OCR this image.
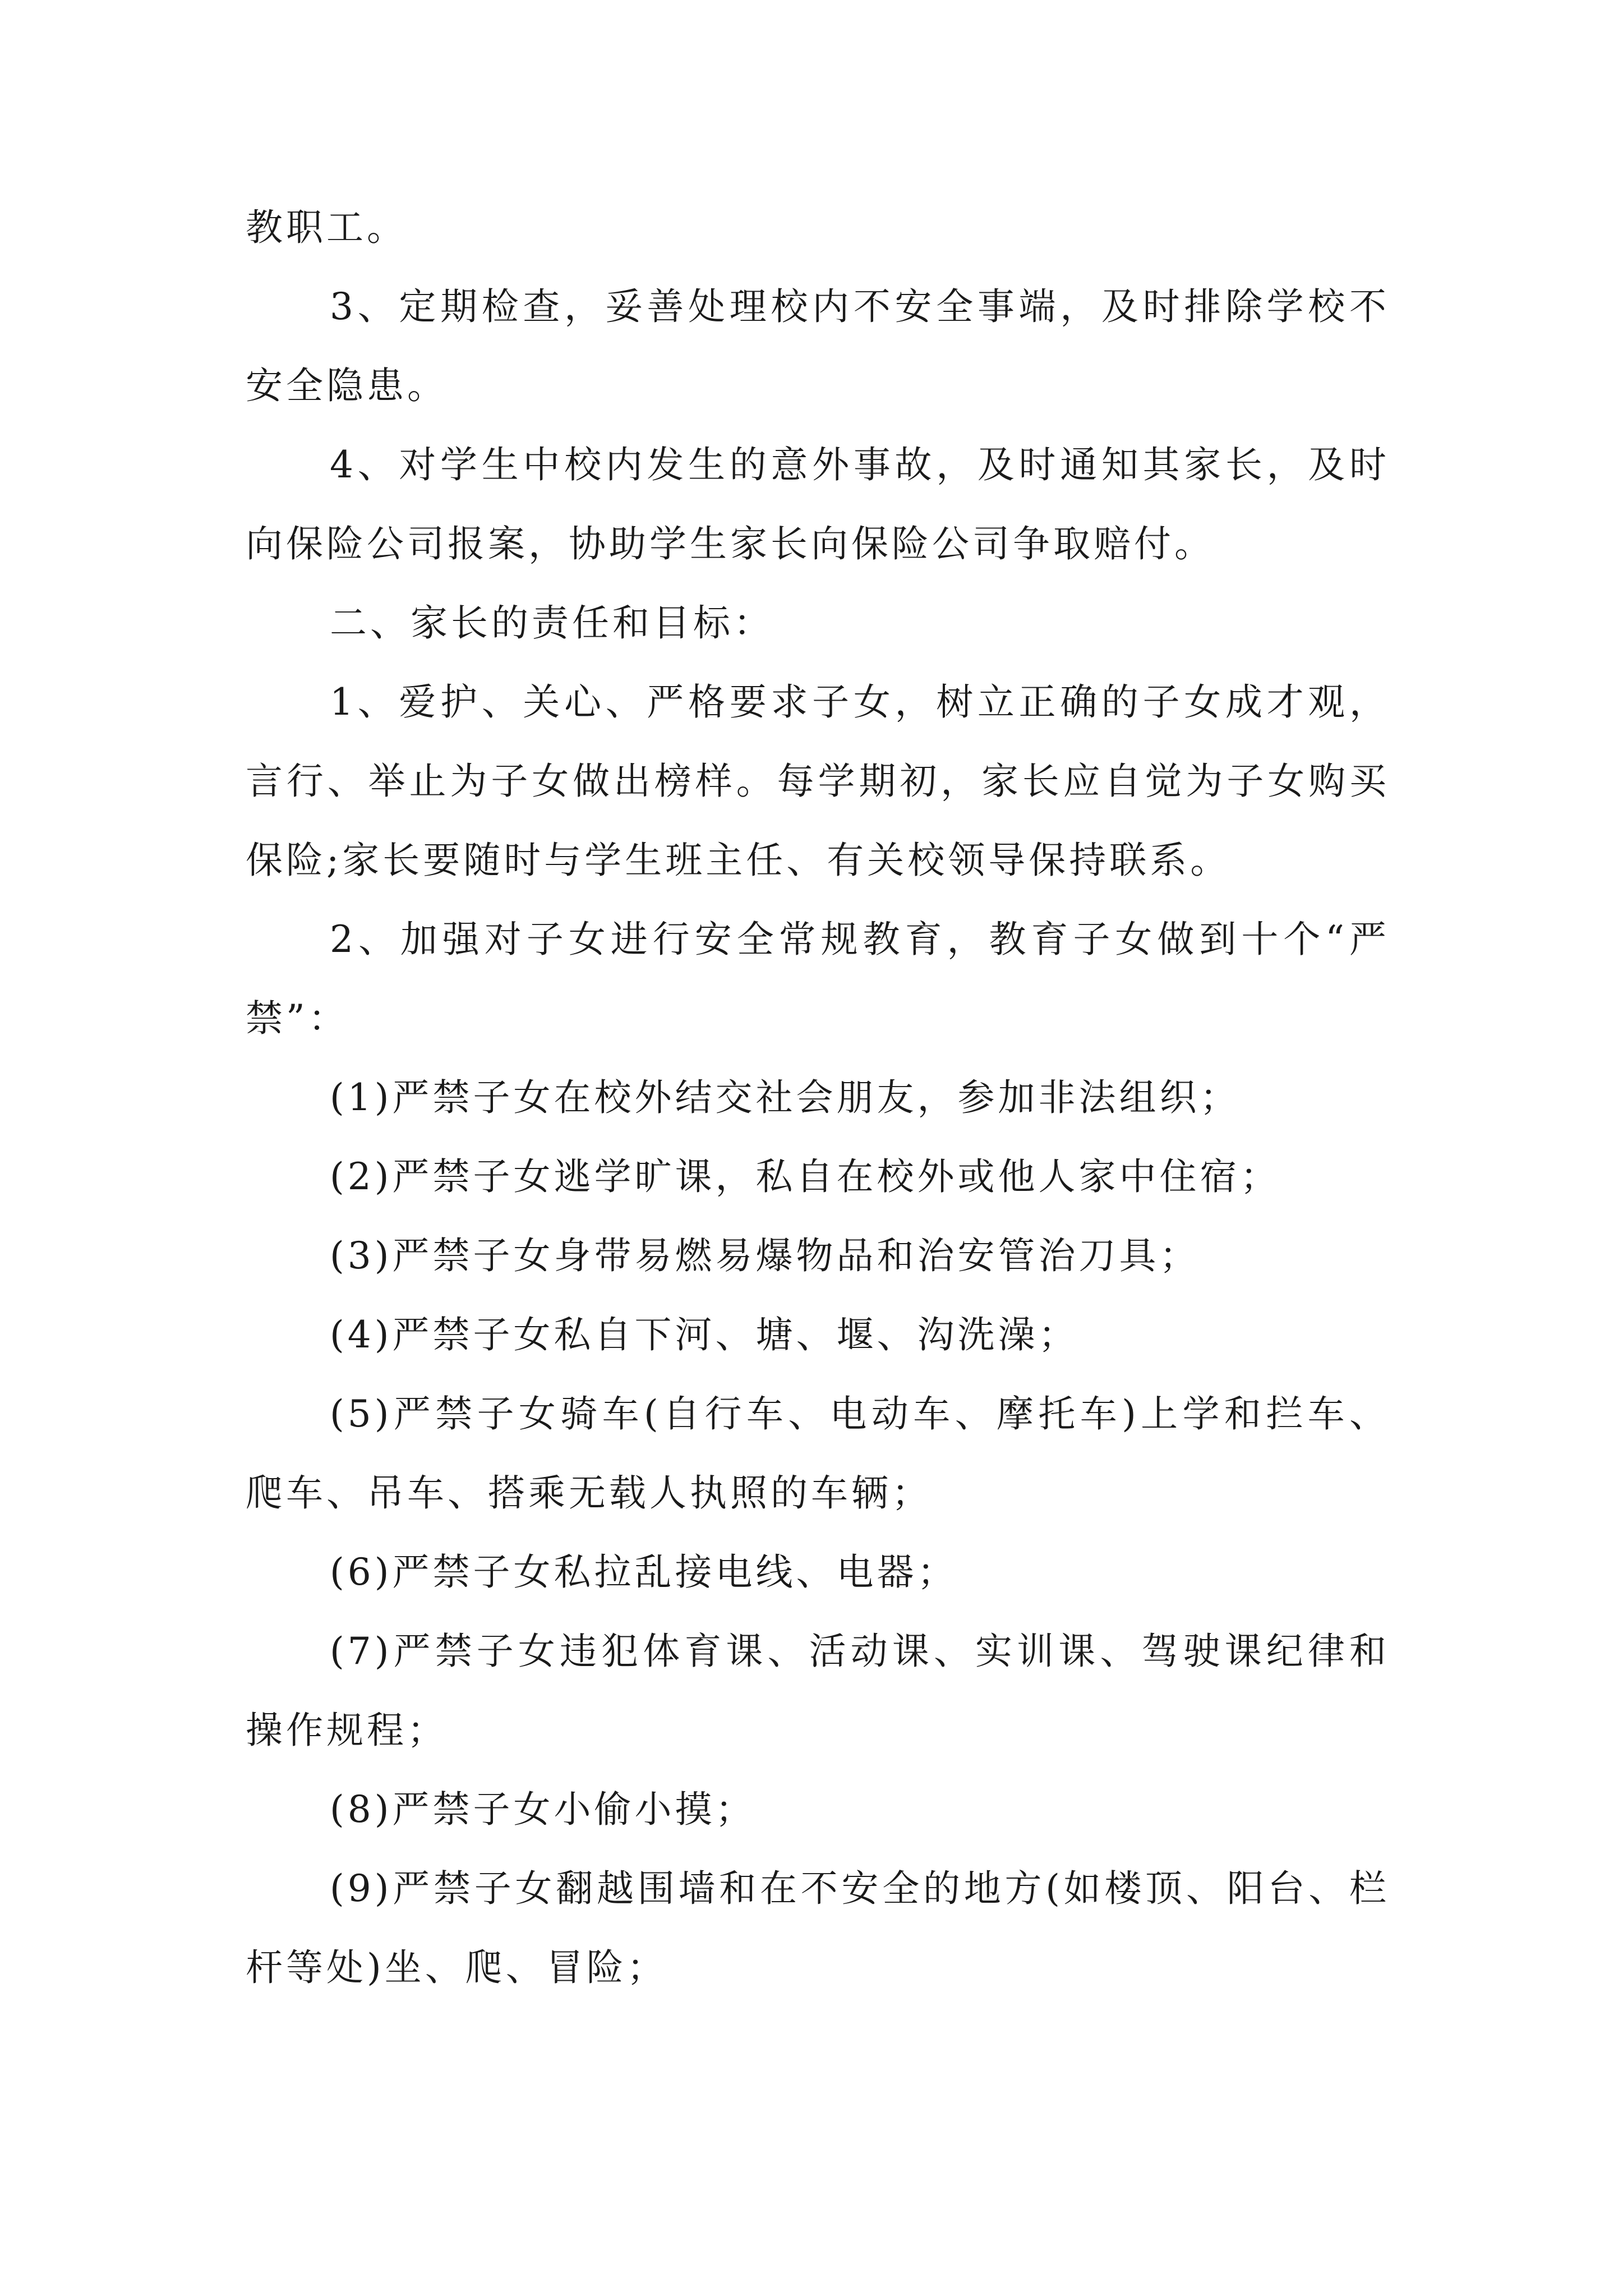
教职工。

3、定期检查，妥善处理校内不安全事端，及时排除学校不安全隐患。

4、对学生中校内发生的意外事故，及时通知其家长，及时向保险公司报案，协助学生家长向保险公司争取赔付。

二、家长的责任和目标：

1、爱护、关心、严格要求子女，树立正确的子女成才观，言行、举止为子女做出榜样。每学期初，家长应自觉为子女购买保险;家长要随时与学生班主任、有关校领导保持联系。

2、加强对子女进行安全常规教育，教育子女做到十个“严禁”：

(1)严禁子女在校外结交社会朋友，参加非法组织；

(2)严禁子女逃学旷课，私自在校外或他人家中住宿；

(3)严禁子女身带易燃易爆物品和治安管治刀具；

(4)严禁子女私自下河、塘、堰、沟洗澡；

(5)严禁子女骑车(自行车、电动车、摩托车)上学和拦车、爬车、吊车、搭乘无载人执照的车辆；

(6)严禁子女私拉乱接电线、电器；

(7)严禁子女违犯体育课、活动课、实训课、驾驶课纪律和操作规程；

(8)严禁子女小偷小摸；

(9)严禁子女翻越围墙和在不安全的地方(如楼顶、阳台、栏杆等处)坐、爬、冒险；
